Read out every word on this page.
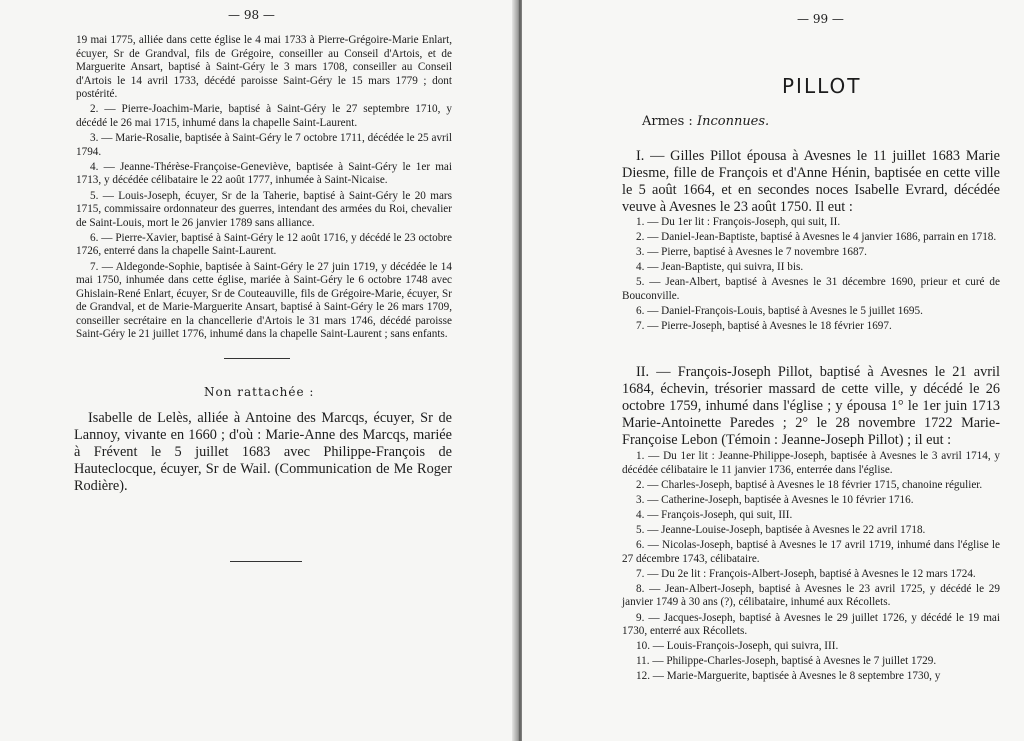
— 98 —

19 mai 1775, alliée dans cette église le 4 mai 1733 à Pierre-Grégoire-Marie Enlart, écuyer, Sr de Grandval, fils de Grégoire, conseiller au Conseil d'Artois, et de Marguerite Ansart, baptisé à Saint-Géry le 3 mars 1708, conseiller au Conseil d'Artois le 14 avril 1733, décédé paroisse Saint-Géry le 15 mars 1779 ; dont postérité.

2. — Pierre-Joachim-Marie, baptisé à Saint-Géry le 27 septembre 1710, y décédé le 26 mai 1715, inhumé dans la chapelle Saint-Laurent.

3. — Marie-Rosalie, baptisée à Saint-Géry le 7 octobre 1711, décédée le 25 avril 1794.

4. — Jeanne-Thérèse-Françoise-Geneviève, baptisée à Saint-Géry le 1er mai 1713, y décédée célibataire le 22 août 1777, inhumée à Saint-Nicaise.

5. — Louis-Joseph, écuyer, Sr de la Taherie, baptisé à Saint-Géry le 20 mars 1715, commissaire ordonnateur des guerres, intendant des armées du Roi, chevalier de Saint-Louis, mort le 26 janvier 1789 sans alliance.

6. — Pierre-Xavier, baptisé à Saint-Géry le 12 août 1716, y décédé le 23 octobre 1726, enterré dans la chapelle Saint-Laurent.

7. — Aldegonde-Sophie, baptisée à Saint-Géry le 27 juin 1719, y décédée le 14 mai 1750, inhumée dans cette église, mariée à Saint-Géry le 6 octobre 1748 avec Ghislain-René Enlart, écuyer, Sr de Couteauville, fils de Grégoire-Marie, écuyer, Sr de Grandval, et de Marie-Marguerite Ansart, baptisé à Saint-Géry le 26 mars 1709, conseiller secrétaire en la chancellerie d'Artois le 31 mars 1746, décédé paroisse Saint-Géry le 21 juillet 1776, inhumé dans la chapelle Saint-Laurent ; sans enfants.

Non rattachée :

Isabelle de Lelès, alliée à Antoine des Marcqs, écuyer, Sr de Lannoy, vivante en 1660 ; d'où : Marie-Anne des Marcqs, mariée à Frévent le 5 juillet 1683 avec Philippe-François de Hauteclocque, écuyer, Sr de Wail. (Communication de Me Roger Rodière).

— 99 —
PILLOT
Armes : Inconnues.

I. — Gilles Pillot épousa à Avesnes le 11 juillet 1683 Marie Diesme, fille de François et d'Anne Hénin, baptisée en cette ville le 5 août 1664, et en secondes noces Isabelle Evrard, décédée veuve à Avesnes le 23 août 1750. Il eut :

1. — Du 1er lit : François-Joseph, qui suit, II.

2. — Daniel-Jean-Baptiste, baptisé à Avesnes le 4 janvier 1686, parrain en 1718.

3. — Pierre, baptisé à Avesnes le 7 novembre 1687.

4. — Jean-Baptiste, qui suivra, II bis.

5. — Jean-Albert, baptisé à Avesnes le 31 décembre 1690, prieur et curé de Bouconville.

6. — Daniel-François-Louis, baptisé à Avesnes le 5 juillet 1695.

7. — Pierre-Joseph, baptisé à Avesnes le 18 février 1697.

II. — François-Joseph Pillot, baptisé à Avesnes le 21 avril 1684, échevin, trésorier massard de cette ville, y décédé le 26 octobre 1759, inhumé dans l'église ; y épousa 1° le 1er juin 1713 Marie-Antoinette Paredes ; 2° le 28 novembre 1722 Marie-Françoise Lebon (Témoin : Jeanne-Joseph Pillot) ; il eut :

1. — Du 1er lit : Jeanne-Philippe-Joseph, baptisée à Avesnes le 3 avril 1714, y décédée célibataire le 11 janvier 1736, enterrée dans l'église.

2. — Charles-Joseph, baptisé à Avesnes le 18 février 1715, chanoine régulier.

3. — Catherine-Joseph, baptisée à Avesnes le 10 février 1716.

4. — François-Joseph, qui suit, III.

5. — Jeanne-Louise-Joseph, baptisée à Avesnes le 22 avril 1718.

6. — Nicolas-Joseph, baptisé à Avesnes le 17 avril 1719, inhumé dans l'église le 27 décembre 1743, célibataire.

7. — Du 2e lit : François-Albert-Joseph, baptisé à Avesnes le 12 mars 1724.

8. — Jean-Albert-Joseph, baptisé à Avesnes le 23 avril 1725, y décédé le 29 janvier 1749 à 30 ans (?), célibataire, inhumé aux Récollets.

9. — Jacques-Joseph, baptisé à Avesnes le 29 juillet 1726, y décédé le 19 mai 1730, enterré aux Récollets.

10. — Louis-François-Joseph, qui suivra, III.

11. — Philippe-Charles-Joseph, baptisé à Avesnes le 7 juillet 1729.

12. — Marie-Marguerite, baptisée à Avesnes le 8 septembre 1730, y
